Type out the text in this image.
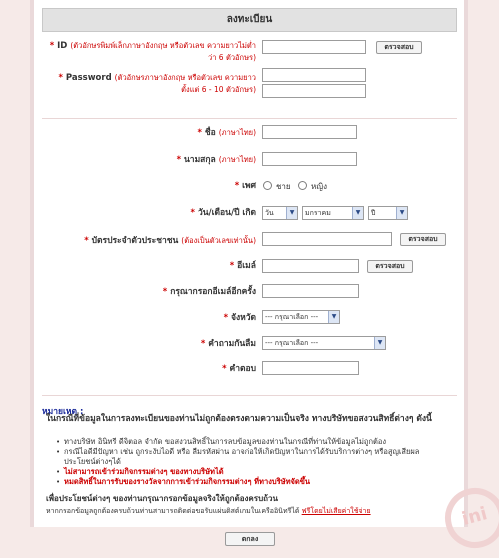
ลงทะเบียน
* ID (ตัวอักษรพิมพ์เล็กภาษาอังกฤษ หรือตัวเลข ความยาวไม่ต่ำว่า 6 ตัวอักษร)
ตรวจสอบ
* Password (ตัวอักษรภาษาอังกฤษ หรือตัวเลข ความยาวตั้งแต่ 6 - 10 ตัวอักษร)
* ชื่อ (ภาษาไทย)
* นามสกุล (ภาษาไทย)
* เพศ	ชาย	หญิง
* วัน/เดือน/ปี เกิด	วัน	▼	มกราคม	▼	ปี	▼
* บัตรประจำตัวประชาชน (ต้องเป็นตัวเลขเท่านั้น)	ตรวจสอบ
* อีเมล์	ตรวจสอบ
* กรุณากรอกอีเมล์อีกครั้ง
* จังหวัด	--- กรุณาเลือก ---	▼
* คำถามกันลืม	--- กรุณาเลือก ---	▼
* คำตอบ
หมายเหตุ :
ในกรณีที่ข้อมูลในการลงทะเบียนของท่านไม่ถูกต้องตรงตามความเป็นจริง ทางบริษัทขอสงวนสิทธิ์ต่างๆ ดังนี้
• ทางบริษัท อินิทรี ดีจิตอล จำกัด ขอสงวนสิทธิ์ในการลบข้อมูลของท่านในกรณีที่ท่านให้ข้อมูลไม่ถูกต้อง
• กรณีไอดีมีปัญหา เช่น ถูกระงับไอดี หรือ ลืมรหัสผ่าน อาจก่อให้เกิดปัญหาในการได้รับบริการต่างๆ หรือสูญเสียผลประโยชน์ต่างๆได้
• ไม่สามารถเข้าร่วมกิจกรรมต่างๆ ของทางบริษัทได้
• หมดสิทธิ์ในการรับของรางวัลจากการเข้าร่วมกิจกรรมต่างๆ ที่ทางบริษัทจัดขึ้น
เพื่อประโยชน์ต่างๆ ของท่านกรุณากรอกข้อมูลจริงให้ถูกต้องครบถ้วน
หากกรอกข้อมูลถูกต้องครบถ้วนท่านสามารถติดต่อขอรับแผ่นดิสต์เกมในเครืออินิทรีได้ ฟรีโดยไม่เสียค่าใช้จ่าย
ตกลง
ini
